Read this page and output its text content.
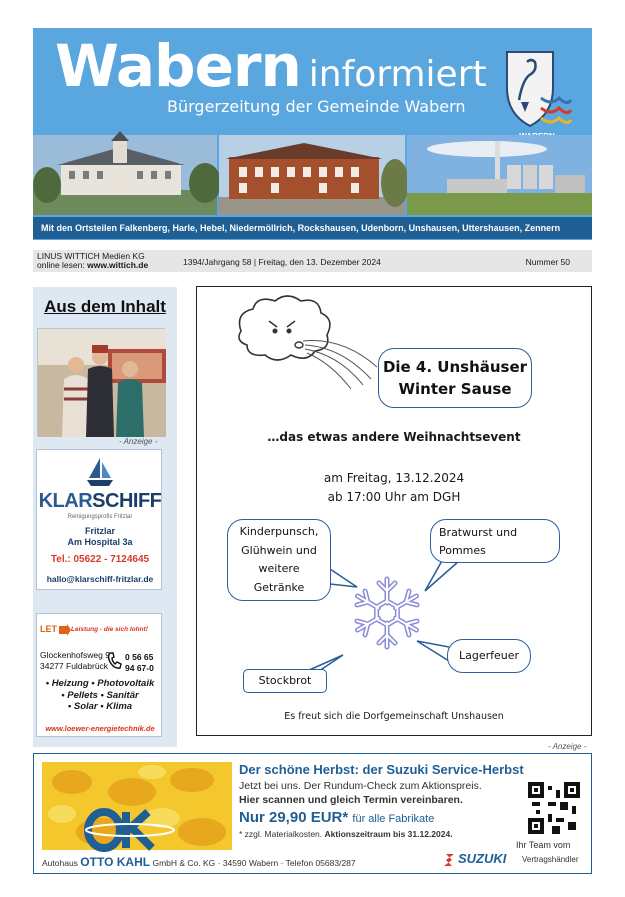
Wabern informiert
Bürgerzeitung der Gemeinde Wabern
Mit den Ortsteilen Falkenberg, Harle, Hebel, Niedermöllrich, Rockshausen, Udenborn, Unshausen, Uttershausen, Zennern
LINUS WITTICH Medien KG
online lesen: www.wittich.de	1394/Jahrgang 58 | Freitag, den 13. Dezember 2024	Nummer 50
Aus dem Inhalt
- Anzeige -
KLARSCHIFF
Reinigungsprofis Fritzlar
Fritzlar
Am Hospital 3a
Tel.: 05622 - 7124645
hallo@klarschiff-fritzlar.de
LET Leistung - die sich lohnt!
Glockenhofsweg 9
34277 Fuldabrück
0 56 65
94 67-0
• Heizung • Photovoltaik
• Pellets • Sanitär
• Solar • Klima
www.loewer-energietechnik.de
Die 4. Unshäuser
Winter Sause
…das etwas andere Weihnachtsevent
am Freitag, 13.12.2024
ab 17:00 Uhr am DGH
Kinderpunsch,
Glühwein und
weitere
Getränke
Bratwurst und
Pommes
Lagerfeuer
Stockbrot
Es freut sich die Dorfgemeinschaft Unshausen
- Anzeige -
Der schöne Herbst: der Suzuki Service-Herbst
Jetzt bei uns. Der Rundum-Check zum Aktionspreis.
Hier scannen und gleich Termin vereinbaren.
Nur 29,90 EUR* für alle Fabrikate
* zzgl. Materialkosten. Aktionszeitraum bis 31.12.2024.
Ihr Team vom
Autohaus OTTO KAHL GmbH & Co. KG · 34590 Wabern · Telefon 05683/287	SUZUKI Vertragshändler
